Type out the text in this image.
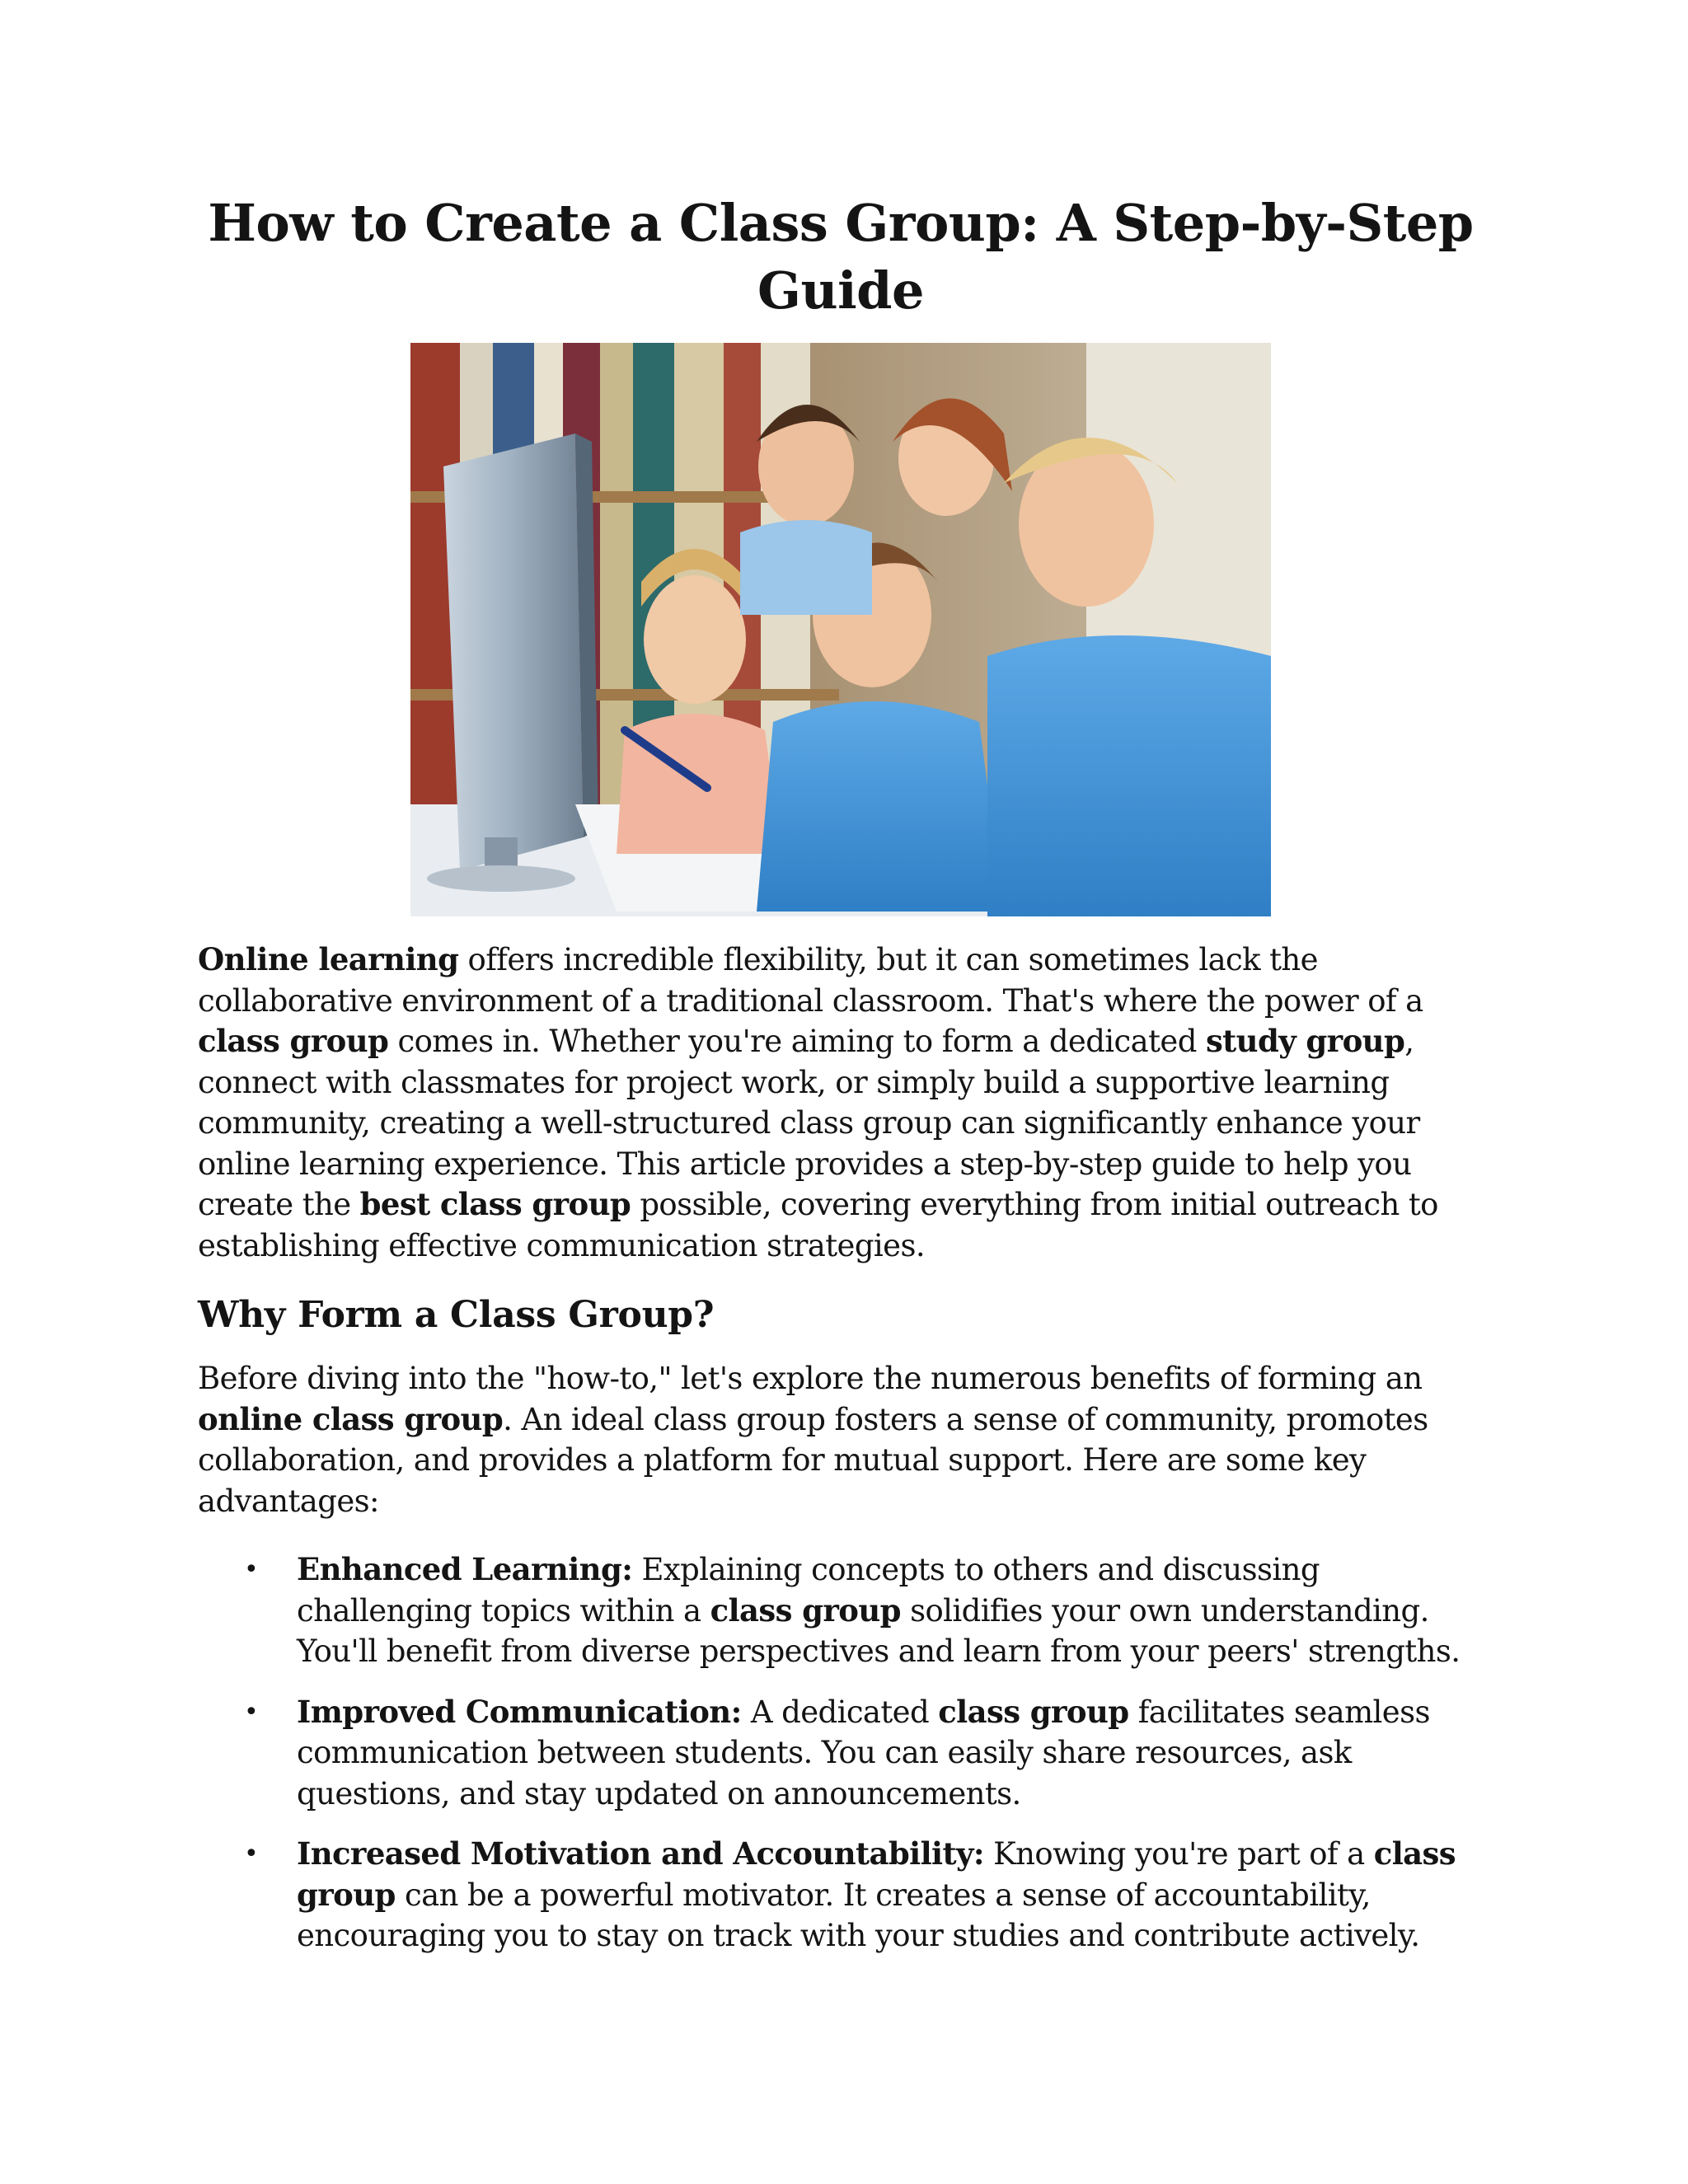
How to Create a Class Group: A Step-by-Step Guide

Online learning offers incredible flexibility, but it can sometimes lack the collaborative environment of a traditional classroom. That's where the power of a class group comes in. Whether you're aiming to form a dedicated study group, connect with classmates for project work, or simply build a supportive learning community, creating a well-structured class group can significantly enhance your online learning experience. This article provides a step-by-step guide to help you create the best class group possible, covering everything from initial outreach to establishing effective communication strategies.

Why Form a Class Group?

Before diving into the "how-to," let's explore the numerous benefits of forming an online class group. An ideal class group fosters a sense of community, promotes collaboration, and provides a platform for mutual support. Here are some key advantages:

• Enhanced Learning: Explaining concepts to others and discussing challenging topics within a class group solidifies your own understanding. You'll benefit from diverse perspectives and learn from your peers' strengths.
• Improved Communication: A dedicated class group facilitates seamless communication between students. You can easily share resources, ask questions, and stay updated on announcements.
• Increased Motivation and Accountability: Knowing you're part of a class group can be a powerful motivator. It creates a sense of accountability, encouraging you to stay on track with your studies and contribute actively.
